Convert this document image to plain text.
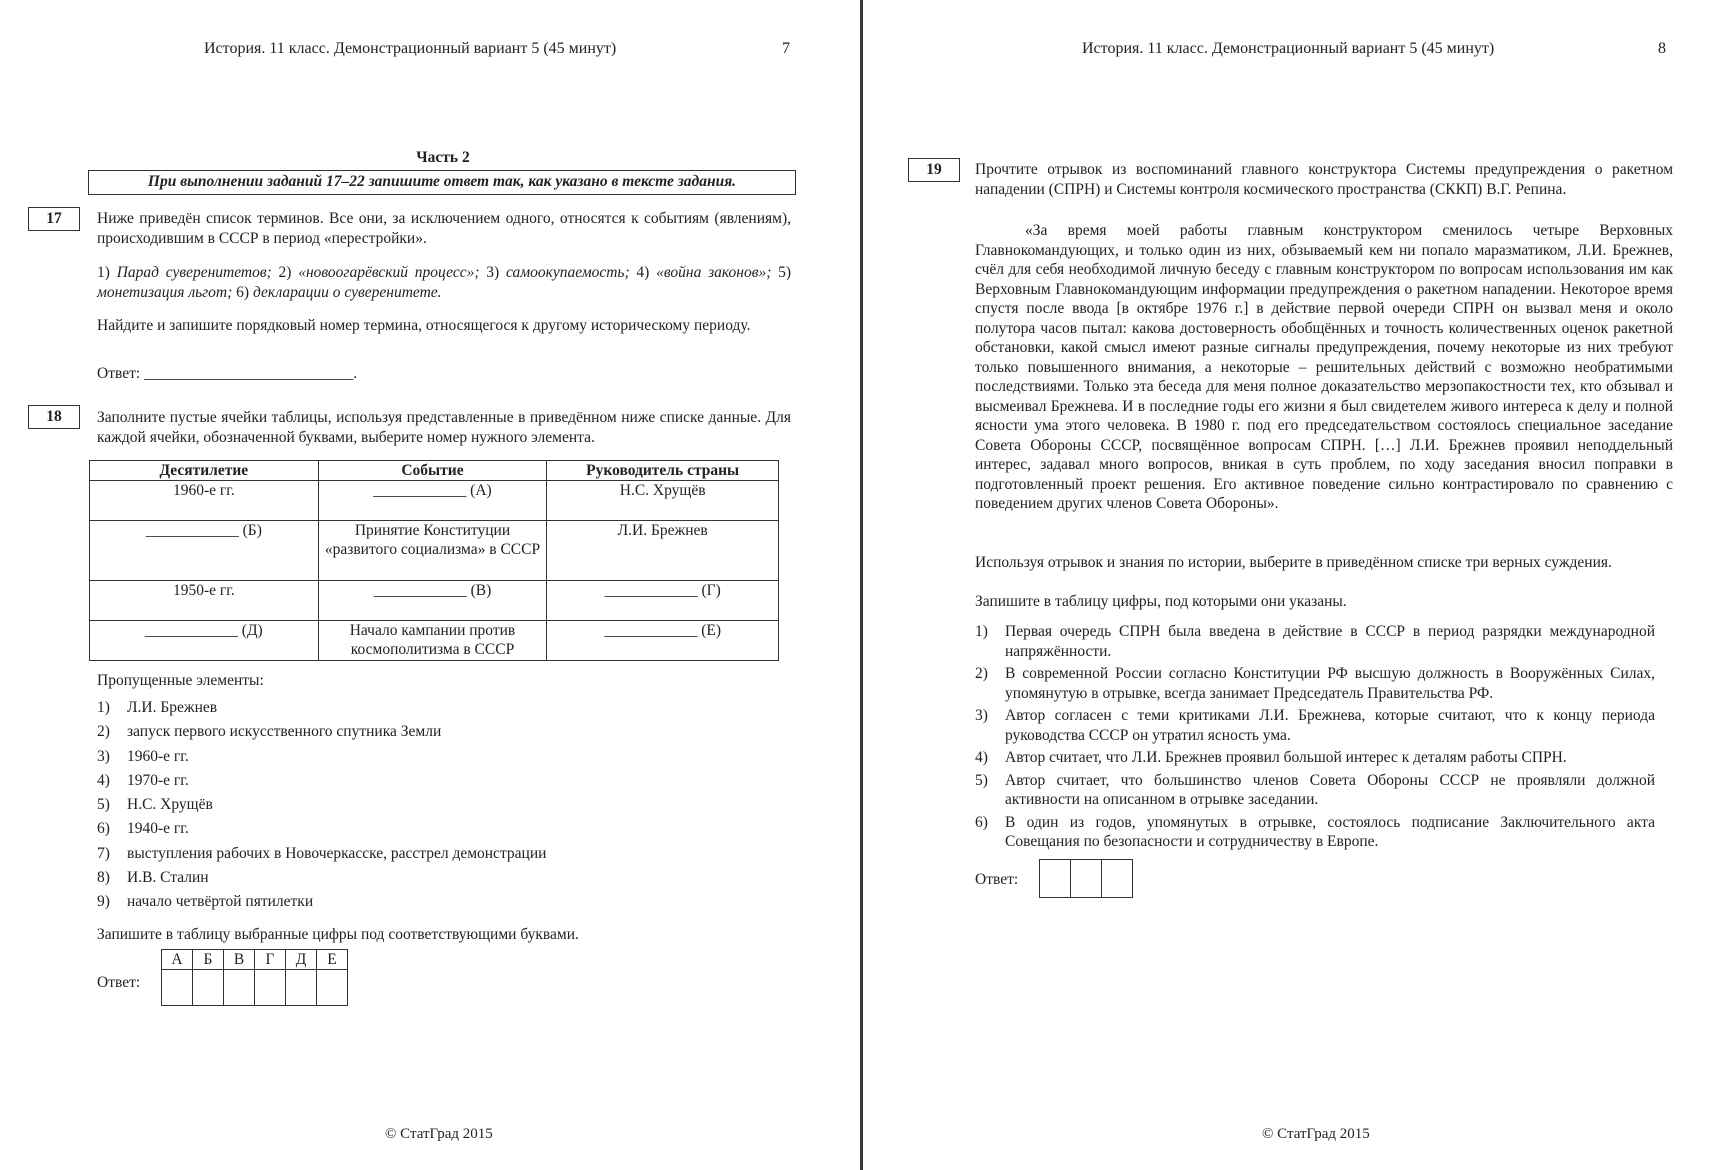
История. 11 класс. Демонстрационный вариант 5 (45 минут)	7
Часть 2
При выполнении заданий 17–22 запишите ответ так, как указано в тексте задания.
17	Ниже приведён список терминов. Все они, за исключением одного, относятся к событиям (явлениям), происходившим в СССР в период «перестройки».
1) Парад суверенитетов; 2) «новоогарёвский процесс»; 3) самоокупаемость; 4) «война законов»; 5) монетизация льгот; 6) декларации о суверенитете.
Найдите и запишите порядковый номер термина, относящегося к другому историческому периоду.
Ответ: ___________________________.
18	Заполните пустые ячейки таблицы, используя представленные в приведённом ниже списке данные. Для каждой ячейки, обозначенной буквами, выберите номер нужного элемента.
Десятилетие	Событие	Руководитель страны
1960-е гг.	____________ (А)	Н.С. Хрущёв
____________ (Б)	Принятие Конституции «развитого социализма» в СССР	Л.И. Брежнев
1950-е гг.	____________ (В)	____________ (Г)
____________ (Д)	Начало кампании против космополитизма в СССР	____________ (Е)
Пропущенные элементы:
1) Л.И. Брежнев
2) запуск первого искусственного спутника Земли
3) 1960-е гг.
4) 1970-е гг.
5) Н.С. Хрущёв
6) 1940-е гг.
7) выступления рабочих в Новочеркасске, расстрел демонстрации
8) И.В. Сталин
9) начало четвёртой пятилетки
Запишите в таблицу выбранные цифры под соответствующими буквами.
Ответ:
А	Б	В	Г	Д	Е

© СтатГрад 2015
История. 11 класс. Демонстрационный вариант 5 (45 минут)	8
19	Прочтите отрывок из воспоминаний главного конструктора Системы предупреждения о ракетном нападении (СПРН) и Системы контроля космического пространства (СККП) В.Г. Репина.
«За время моей работы главным конструктором сменилось четыре Верховных Главнокомандующих, и только один из них, обзываемый кем ни попало маразматиком, Л.И. Брежнев, счёл для себя необходимой личную беседу с главным конструктором по вопросам использования им как Верховным Главнокомандующим информации предупреждения о ракетном нападении. Некоторое время спустя после ввода [в октябре 1976 г.] в действие первой очереди СПРН он вызвал меня и около полутора часов пытал: какова достоверность обобщённых и точность количественных оценок ракетной обстановки, какой смысл имеют разные сигналы предупреждения, почему некоторые из них требуют только повышенного внимания, а некоторые – решительных действий с возможно необратимыми последствиями. Только эта беседа для меня полное доказательство мерзопакостности тех, кто обзывал и высмеивал Брежнева. И в последние годы его жизни я был свидетелем живого интереса к делу и полной ясности ума этого человека. В 1980 г. под его председательством состоялось специальное заседание Совета Обороны СССР, посвящённое вопросам СПРН. […] Л.И. Брежнев проявил неподдельный интерес, задавал много вопросов, вникая в суть проблем, по ходу заседания вносил поправки в подготовленный проект решения. Его активное поведение сильно контрастировало по сравнению с поведением других членов Совета Обороны».
Используя отрывок и знания по истории, выберите в приведённом списке три верных суждения.
Запишите в таблицу цифры, под которыми они указаны.
1) Первая очередь СПРН была введена в действие в СССР в период разрядки международной напряжённости.
2) В современной России согласно Конституции РФ высшую должность в Вооружённых Силах, упомянутую в отрывке, всегда занимает Председатель Правительства РФ.
3) Автор согласен с теми критиками Л.И. Брежнева, которые считают, что к концу периода руководства СССР он утратил ясность ума.
4) Автор считает, что Л.И. Брежнев проявил большой интерес к деталям работы СПРН.
5) Автор считает, что большинство членов Совета Обороны СССР не проявляли должной активности на описанном в отрывке заседании.
6) В один из годов, упомянутых в отрывке, состоялось подписание Заключительного акта Совещания по безопасности и сотрудничеству в Европе.
Ответ:

© СтатГрад 2015
